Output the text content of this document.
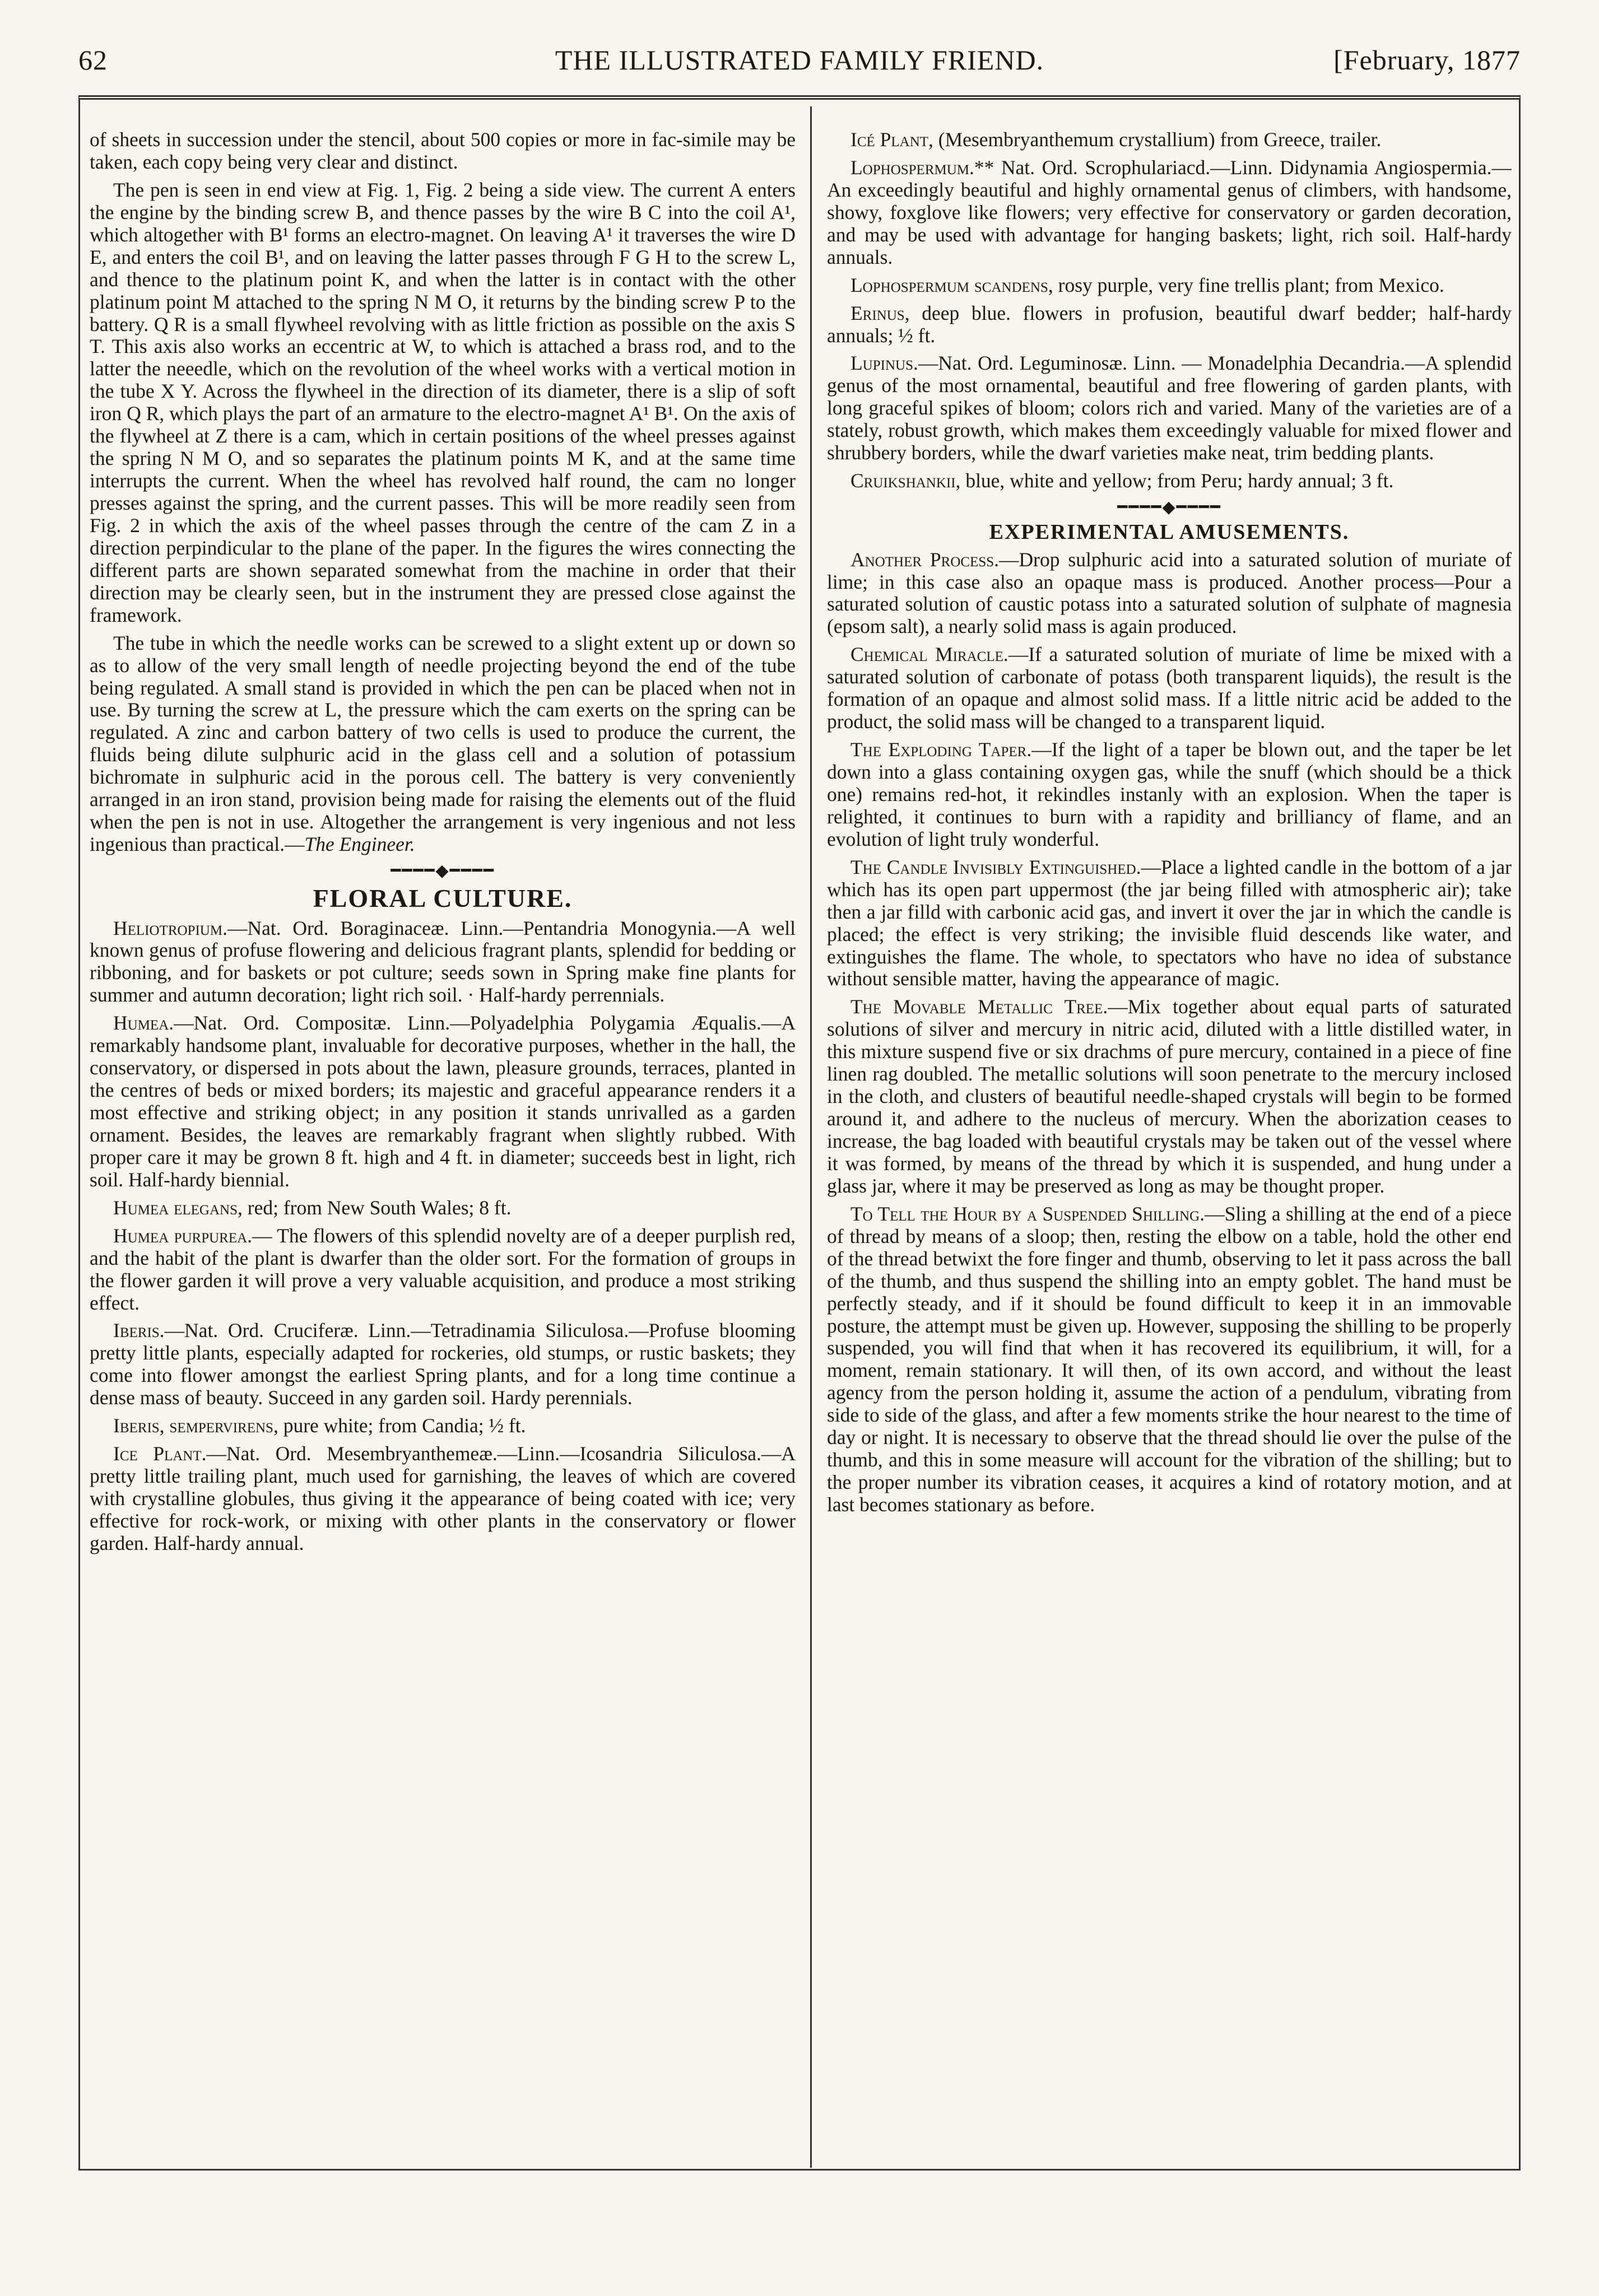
62	THE ILLUSTRATED FAMILY FRIEND.	[February, 1877

of sheets in succession under the stencil, about 500 copies or more in fac-simile may be taken, each copy being very clear and distinct.

The pen is seen in end view at Fig. 1, Fig. 2 being a side view. The current A enters the engine by the binding screw B, and thence passes by the wire B C into the coil A¹, which altogether with B¹ forms an electro-magnet. On leaving A¹ it traverses the wire D E, and enters the coil B¹, and on leaving the latter passes through F G H to the screw L, and thence to the platinum point K, and when the latter is in contact with the other platinum point M attached to the spring N M O, it returns by the binding screw P to the battery. Q R is a small flywheel revolving with as little friction as possible on the axis S T. This axis also works an eccentric at W, to which is attached a brass rod, and to the latter the neeedle, which on the revolution of the wheel works with a vertical motion in the tube X Y. Across the flywheel in the direction of its diameter, there is a slip of soft iron Q R, which plays the part of an armature to the electro-magnet A¹ B¹. On the axis of the flywheel at Z there is a cam, which in certain positions of the wheel presses against the spring N M O, and so separates the platinum points M K, and at the same time interrupts the current. When the wheel has revolved half round, the cam no longer presses against the spring, and the current passes. This will be more readily seen from Fig. 2 in which the axis of the wheel passes through the centre of the cam Z in a direction perpindicular to the plane of the paper. In the figures the wires connecting the different parts are shown separated somewhat from the machine in order that their direction may be clearly seen, but in the instrument they are pressed close against the framework.

The tube in which the needle works can be screwed to a slight extent up or down so as to allow of the very small length of needle projecting beyond the end of the tube being regulated. A small stand is provided in which the pen can be placed when not in use. By turning the screw at L, the pressure which the cam exerts on the spring can be regulated. A zinc and carbon battery of two cells is used to produce the current, the fluids being dilute sulphuric acid in the glass cell and a solution of potassium bichromate in sulphuric acid in the porous cell. The battery is very conveniently arranged in an iron stand, provision being made for raising the elements out of the fluid when the pen is not in use. Altogether the arrangement is very ingenious and not less ingenious than practical.—The Engineer.

━━━━◆━━━━
FLORAL CULTURE.

Heliotropium.—Nat. Ord. Boraginaceæ. Linn.—Pentandria Monogynia.—A well known genus of profuse flowering and delicious fragrant plants, splendid for bedding or ribboning, and for baskets or pot culture; seeds sown in Spring make fine plants for summer and autumn decoration; light rich soil. · Half-hardy perrennials.

Humea.—Nat. Ord. Compositæ. Linn.—Polyadelphia Polygamia Æqualis.—A remarkably handsome plant, invaluable for decorative purposes, whether in the hall, the conservatory, or dispersed in pots about the lawn, pleasure grounds, terraces, planted in the centres of beds or mixed borders; its majestic and graceful appearance renders it a most effective and striking object; in any position it stands unrivalled as a garden ornament. Besides, the leaves are remarkably fragrant when slightly rubbed. With proper care it may be grown 8 ft. high and 4 ft. in diameter; succeeds best in light, rich soil. Half-hardy biennial.

Humea elegans, red; from New South Wales; 8 ft.

Humea purpurea.— The flowers of this splendid novelty are of a deeper purplish red, and the habit of the plant is dwarfer than the older sort. For the formation of groups in the flower garden it will prove a very valuable acquisition, and produce a most striking effect.

Iberis.—Nat. Ord. Cruciferæ. Linn.—Tetradinamia Siliculosa.—Profuse blooming pretty little plants, especially adapted for rockeries, old stumps, or rustic baskets; they come into flower amongst the earliest Spring plants, and for a long time continue a dense mass of beauty. Succeed in any garden soil. Hardy perennials.

Iberis, sempervirens, pure white; from Candia; ½ ft.

Ice Plant.—Nat. Ord. Mesembryanthemeæ.—Linn.—Icosandria Siliculosa.—A pretty little trailing plant, much used for garnishing, the leaves of which are covered with crystalline globules, thus giving it the appearance of being coated with ice; very effective for rock-work, or mixing with other plants in the conservatory or flower garden. Half-hardy annual.

Icé Plant, (Mesembryanthemum crystallium) from Greece, trailer.

Lophospermum.** Nat. Ord. Scrophulariacd.—Linn. Didynamia Angiospermia.—An exceedingly beautiful and highly ornamental genus of climbers, with handsome, showy, foxglove like flowers; very effective for conservatory or garden decoration, and may be used with advantage for hanging baskets; light, rich soil. Half-hardy annuals.

Lophospermum scandens, rosy purple, very fine trellis plant; from Mexico.

Erinus, deep blue. flowers in profusion, beautiful dwarf bedder; half-hardy annuals; ½ ft.

Lupinus.—Nat. Ord. Leguminosæ. Linn. — Monadelphia Decandria.—A splendid genus of the most ornamental, beautiful and free flowering of garden plants, with long graceful spikes of bloom; colors rich and varied. Many of the varieties are of a stately, robust growth, which makes them exceedingly valuable for mixed flower and shrubbery borders, while the dwarf varieties make neat, trim bedding plants.

Cruikshankii, blue, white and yellow; from Peru; hardy annual; 3 ft.

━━━━◆━━━━
EXPERIMENTAL AMUSEMENTS.

Another Process.—Drop sulphuric acid into a saturated solution of muriate of lime; in this case also an opaque mass is produced. Another process—Pour a saturated solution of caustic potass into a saturated solution of sulphate of magnesia (epsom salt), a nearly solid mass is again produced.

Chemical Miracle.—If a saturated solution of muriate of lime be mixed with a saturated solution of carbonate of potass (both transparent liquids), the result is the formation of an opaque and almost solid mass. If a little nitric acid be added to the product, the solid mass will be changed to a transparent liquid.

The Exploding Taper.—If the light of a taper be blown out, and the taper be let down into a glass containing oxygen gas, while the snuff (which should be a thick one) remains red-hot, it rekindles instanly with an explosion. When the taper is relighted, it continues to burn with a rapidity and brilliancy of flame, and an evolution of light truly wonderful.

The Candle Invisibly Extinguished.—Place a lighted candle in the bottom of a jar which has its open part uppermost (the jar being filled with atmospheric air); take then a jar filld with carbonic acid gas, and invert it over the jar in which the candle is placed; the effect is very striking; the invisible fluid descends like water, and extinguishes the flame. The whole, to spectators who have no idea of substance without sensible matter, having the appearance of magic.

The Movable Metallic Tree.—Mix together about equal parts of saturated solutions of silver and mercury in nitric acid, diluted with a little distilled water, in this mixture suspend five or six drachms of pure mercury, contained in a piece of fine linen rag doubled. The metallic solutions will soon penetrate to the mercury inclosed in the cloth, and clusters of beautiful needle-shaped crystals will begin to be formed around it, and adhere to the nucleus of mercury. When the aborization ceases to increase, the bag loaded with beautiful crystals may be taken out of the vessel where it was formed, by means of the thread by which it is suspended, and hung under a glass jar, where it may be preserved as long as may be thought proper.

To Tell the Hour by a Suspended Shilling.—Sling a shilling at the end of a piece of thread by means of a sloop; then, resting the elbow on a table, hold the other end of the thread betwixt the fore finger and thumb, observing to let it pass across the ball of the thumb, and thus suspend the shilling into an empty goblet. The hand must be perfectly steady, and if it should be found difficult to keep it in an immovable posture, the attempt must be given up. However, supposing the shilling to be properly suspended, you will find that when it has recovered its equilibrium, it will, for a moment, remain stationary. It will then, of its own accord, and without the least agency from the person holding it, assume the action of a pendulum, vibrating from side to side of the glass, and after a few moments strike the hour nearest to the time of day or night. It is necessary to observe that the thread should lie over the pulse of the thumb, and this in some measure will account for the vibration of the shilling; but to the proper number its vibration ceases, it acquires a kind of rotatory motion, and at last becomes stationary as before.
